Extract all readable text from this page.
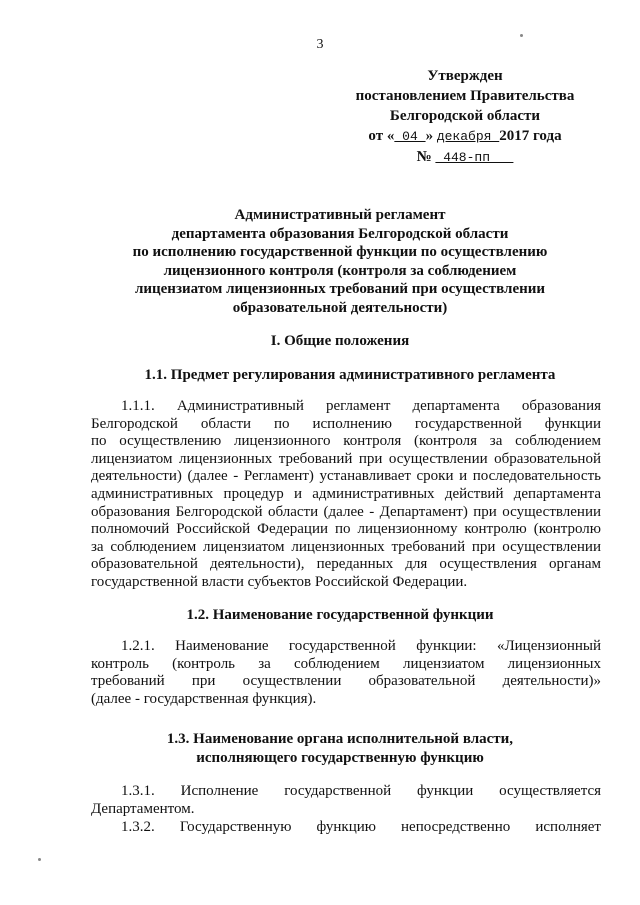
3
Утвержден
постановлением Правительства
Белгородской области
от « 04 » декабря 2017 года
№  448-пп
Административный регламент
департамента образования Белгородской области
по исполнению государственной функции по осуществлению
лицензионного контроля (контроля за соблюдением
лицензиатом лицензионных требований при осуществлении
образовательной деятельности)
I. Общие положения
1.1. Предмет регулирования административного регламента
1.1.1. Административный регламент департамента образования
Белгородской области по исполнению государственной функции
по осуществлению лицензионного контроля (контроля за соблюдением
лицензиатом лицензионных требований при осуществлении образовательной
деятельности) (далее - Регламент) устанавливает сроки и последовательность
административных процедур и административных действий департамента
образования Белгородской области (далее - Департамент) при осуществлении
полномочий Российской Федерации по лицензионному контролю (контролю
за соблюдением лицензиатом лицензионных требований при осуществлении
образовательной деятельности), переданных для осуществления органам
государственной власти субъектов Российской Федерации.
1.2. Наименование государственной функции
1.2.1. Наименование государственной функции: «Лицензионный
контроль (контроль за соблюдением лицензиатом лицензионных
требований при осуществлении образовательной деятельности)»
(далее - государственная функция).
1.3. Наименование органа исполнительной власти,
исполняющего государственную функцию
1.3.1. Исполнение государственной функции осуществляется
Департаментом.
1.3.2. Государственную функцию непосредственно исполняет
